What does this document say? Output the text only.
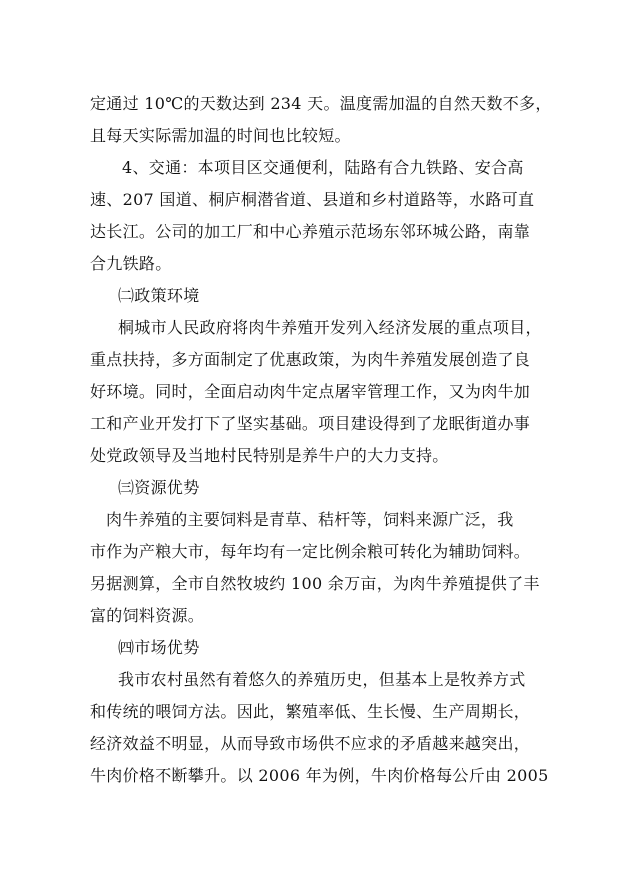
定通过 10℃的天数达到 234 天。温度需加温的自然天数不多，
且每天实际需加温的时间也比较短。
4、交通：本项目区交通便利，陆路有合九铁路、安合高
速、207 国道、桐庐桐潜省道、县道和乡村道路等，水路可直
达长江。公司的加工厂和中心养殖示范场东邻环城公路，南靠
合九铁路。
㈡政策环境
桐城市人民政府将肉牛养殖开发列入经济发展的重点项目，
重点扶持，多方面制定了优惠政策，为肉牛养殖发展创造了良
好环境。同时，全面启动肉牛定点屠宰管理工作，又为肉牛加
工和产业开发打下了坚实基础。项目建设得到了龙眠街道办事
处党政领导及当地村民特别是养牛户的大力支持。
㈢资源优势
肉牛养殖的主要饲料是青草、秸杆等，饲料来源广泛，我
市作为产粮大市，每年均有一定比例余粮可转化为辅助饲料。
另据测算，全市自然牧坡约 100 余万亩，为肉牛养殖提供了丰
富的饲料资源。
㈣市场优势
我市农村虽然有着悠久的养殖历史，但基本上是牧养方式
和传统的喂饲方法。因此，繁殖率低、生长慢、生产周期长，
经济效益不明显，从而导致市场供不应求的矛盾越来越突出，
牛肉价格不断攀升。以 2006 年为例，牛肉价格每公斤由 2005
